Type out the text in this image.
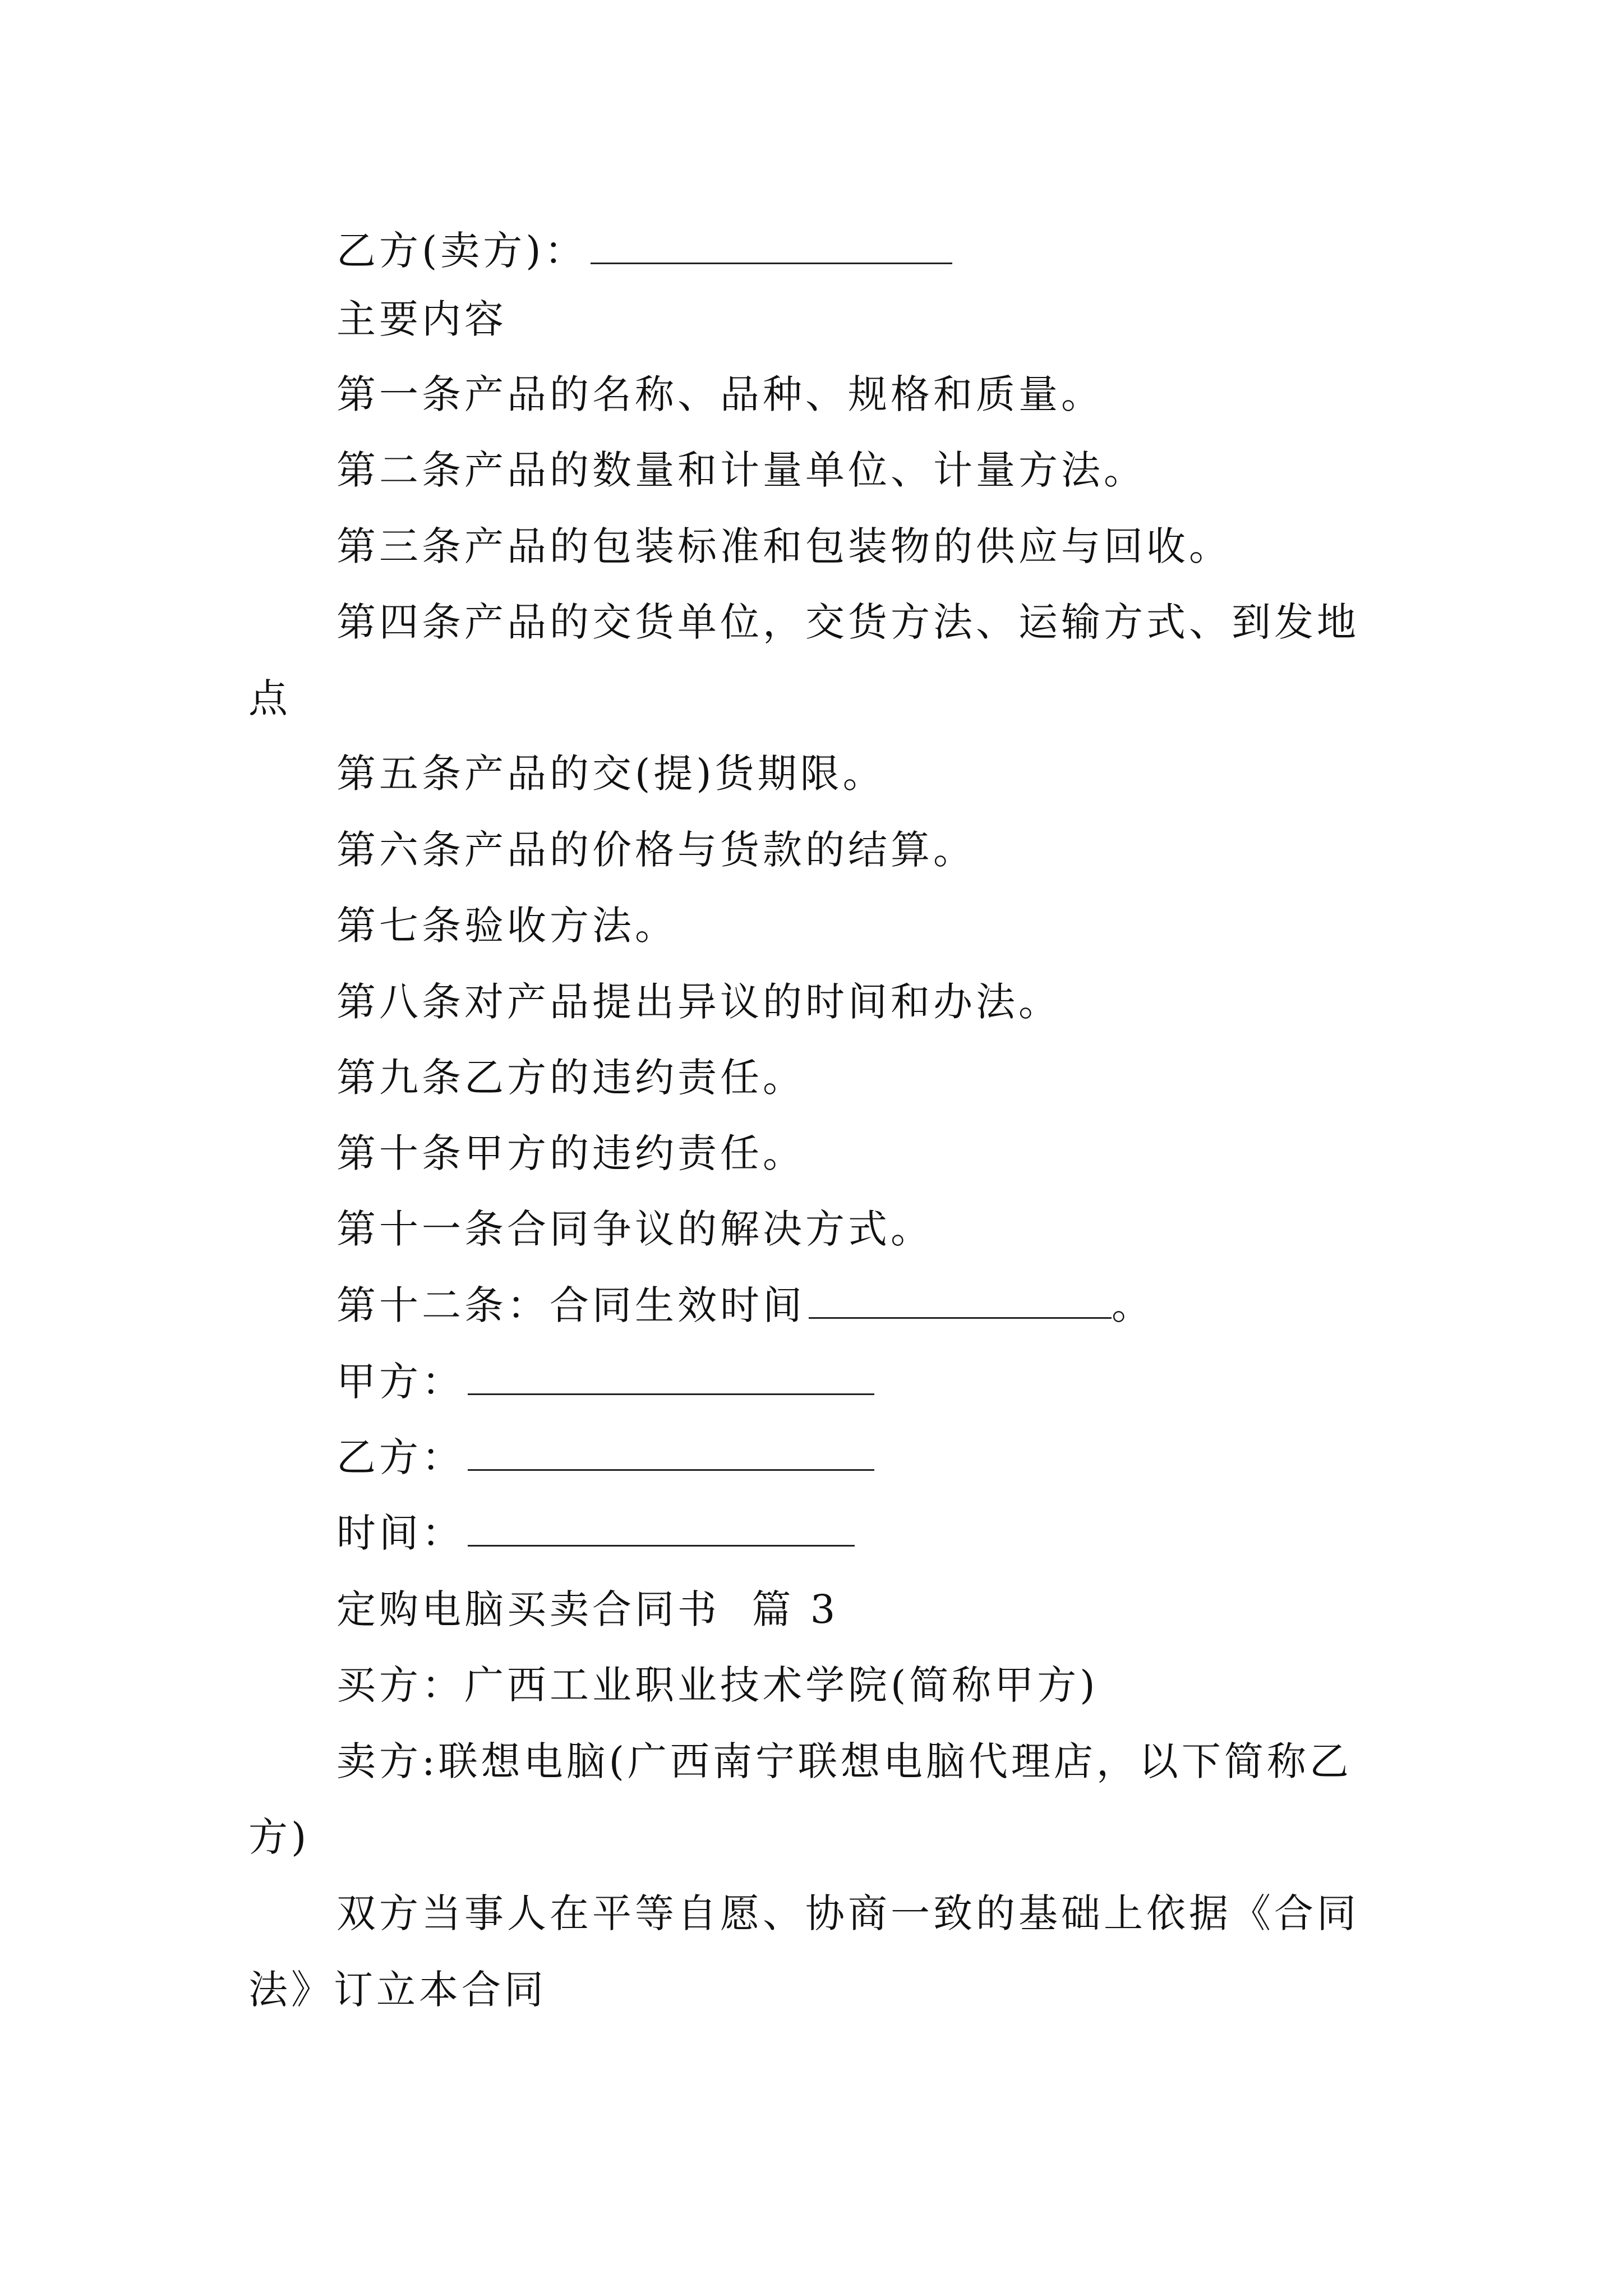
乙方(卖方)：
主要内容
第一条产品的名称、品种、规格和质量。
第二条产品的数量和计量单位、计量方法。
第三条产品的包装标准和包装物的供应与回收。
第四条产品的交货单位，交货方法、运输方式、到发地
点
第五条产品的交(提)货期限。
第六条产品的价格与货款的结算。
第七条验收方法。
第八条对产品提出异议的时间和办法。
第九条乙方的违约责任。
第十条甲方的违约责任。
第十一条合同争议的解决方式。
第十二条：合同生效时间	。
甲方：
乙方：
时间：
定购电脑买卖合同书  篇 3
买方：广西工业职业技术学院(简称甲方)
卖方:联想电脑(广西南宁联想电脑代理店，以下简称乙
方)
双方当事人在平等自愿、协商一致的基础上依据《合同
法》订立本合同
